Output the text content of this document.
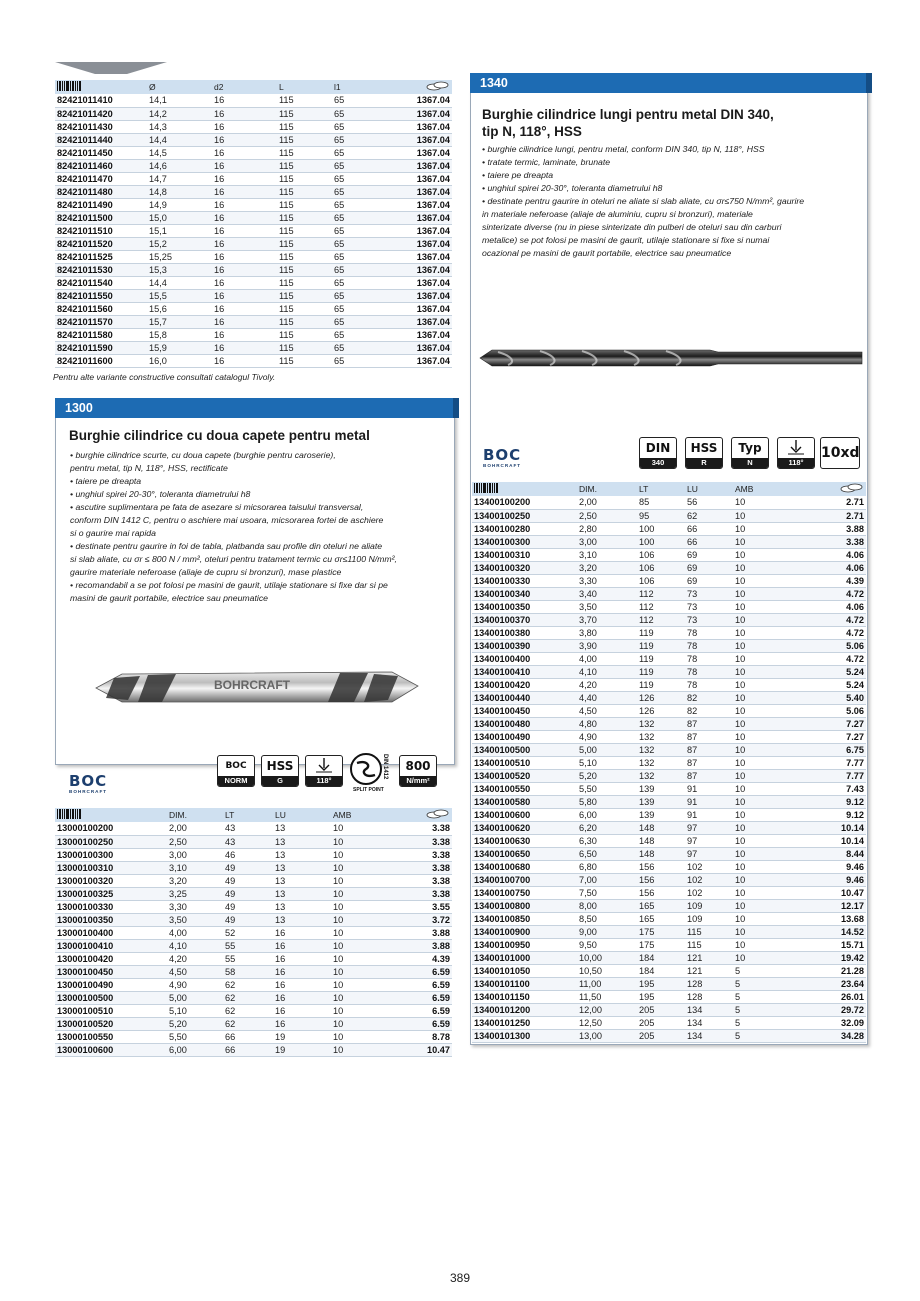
	Ø	d2	L	l1	
82421011410	14,1	16	115	65	1367.04
82421011420	14,2	16	115	65	1367.04
82421011430	14,3	16	115	65	1367.04
82421011440	14,4	16	115	65	1367.04
82421011450	14,5	16	115	65	1367.04
82421011460	14,6	16	115	65	1367.04
82421011470	14,7	16	115	65	1367.04
82421011480	14,8	16	115	65	1367.04
82421011490	14,9	16	115	65	1367.04
82421011500	15,0	16	115	65	1367.04
82421011510	15,1	16	115	65	1367.04
82421011520	15,2	16	115	65	1367.04
82421011525	15,25	16	115	65	1367.04
82421011530	15,3	16	115	65	1367.04
82421011540	14,4	16	115	65	1367.04
82421011550	15,5	16	115	65	1367.04
82421011560	15,6	16	115	65	1367.04
82421011570	15,7	16	115	65	1367.04
82421011580	15,8	16	115	65	1367.04
82421011590	15,9	16	115	65	1367.04
82421011600	16,0	16	115	65	1367.04
Pentru alte variante constructive consultati catalogul Tivoly.
1300
Burghie cilindrice cu doua capete pentru metal
• burghie cilindrice scurte, cu doua capete (burghie pentru caroserie),
pentru metal, tip N, 118°, HSS, rectificate
• taiere pe dreapta
• unghiul spirei 20-30°, toleranta diametrului h8
• ascutire suplimentara pe fata de asezare si micsorarea taisului transversal,
conform DIN 1412 C, pentru o aschiere mai usoara, micsorarea fortei de aschiere
si o gaurire mai rapida
• destinate pentru gaurire in foi de tabla, platbanda sau profile din oteluri ne aliate
si slab aliate, cu σr ≤ 800 N / mm², oteluri pentru tratament termic cu σr≤1100 N/mm²,
gaurire materiale neferoase (aliaje de cupru si bronzuri), mase plastice
• recomandabil a se pot folosi pe masini de gaurit, utilaje stationare si fixe dar si pe
masini de gaurit portabile, electrice sau pneumatice
BOHRCRAFT
BOC
BOHRCRAFT
BOC
NORM
HSS
G	118°
DIN 1412
SPLIT POINT
800
N/mm²
	DIM.	LT	LU	AMB	
13000100200	2,00	43	13	10	3.38
13000100250	2,50	43	13	10	3.38
13000100300	3,00	46	13	10	3.38
13000100310	3,10	49	13	10	3.38
13000100320	3,20	49	13	10	3.38
13000100325	3,25	49	13	10	3.38
13000100330	3,30	49	13	10	3.55
13000100350	3,50	49	13	10	3.72
13000100400	4,00	52	16	10	3.88
13000100410	4,10	55	16	10	3.88
13000100420	4,20	55	16	10	4.39
13000100450	4,50	58	16	10	6.59
13000100490	4,90	62	16	10	6.59
13000100500	5,00	62	16	10	6.59
13000100510	5,10	62	16	10	6.59
13000100520	5,20	62	16	10	6.59
13000100550	5,50	66	19	10	8.78
13000100600	6,00	66	19	10	10.47
1340
Burghie cilindrice lungi pentru metal DIN 340,
tip N, 118°, HSS
• burghie cilindrice lungi, pentru metal, conform DIN 340, tip N, 118°, HSS
• tratate termic, laminate, brunate
• taiere pe dreapta
• unghiul spirei 20-30°, toleranta diametrului h8
• destinate pentru gaurire in oteluri ne aliate si slab aliate, cu σr≤750 N/mm², gaurire
in materiale neferoase (aliaje de aluminiu, cupru si bronzuri), materiale
sinterizate diverse (nu in piese sinterizate din pulberi de oteluri sau din carburi
metalice) se pot folosi pe masini de gaurit, utilaje stationare si fixe si numai
ocazional pe masini de gaurit portabile, electrice sau pneumatice
BOC
BOHRCRAFT
DIN
340
HSS
R
Typ
N	118°
10xd
	DIM.	LT	LU	AMB	
13400100200	2,00	85	56	10	2.71
13400100250	2,50	95	62	10	2.71
13400100280	2,80	100	66	10	3.88
13400100300	3,00	100	66	10	3.38
13400100310	3,10	106	69	10	4.06
13400100320	3,20	106	69	10	4.06
13400100330	3,30	106	69	10	4.39
13400100340	3,40	112	73	10	4.72
13400100350	3,50	112	73	10	4.06
13400100370	3,70	112	73	10	4.72
13400100380	3,80	119	78	10	4.72
13400100390	3,90	119	78	10	5.06
13400100400	4,00	119	78	10	4.72
13400100410	4,10	119	78	10	5.24
13400100420	4,20	119	78	10	5.24
13400100440	4,40	126	82	10	5.40
13400100450	4,50	126	82	10	5.06
13400100480	4,80	132	87	10	7.27
13400100490	4,90	132	87	10	7.27
13400100500	5,00	132	87	10	6.75
13400100510	5,10	132	87	10	7.77
13400100520	5,20	132	87	10	7.77
13400100550	5,50	139	91	10	7.43
13400100580	5,80	139	91	10	9.12
13400100600	6,00	139	91	10	9.12
13400100620	6,20	148	97	10	10.14
13400100630	6,30	148	97	10	10.14
13400100650	6,50	148	97	10	8.44
13400100680	6,80	156	102	10	9.46
13400100700	7,00	156	102	10	9.46
13400100750	7,50	156	102	10	10.47
13400100800	8,00	165	109	10	12.17
13400100850	8,50	165	109	10	13.68
13400100900	9,00	175	115	10	14.52
13400100950	9,50	175	115	10	15.71
13400101000	10,00	184	121	10	19.42
13400101050	10,50	184	121	5	21.28
13400101100	11,00	195	128	5	23.64
13400101150	11,50	195	128	5	26.01
13400101200	12,00	205	134	5	29.72
13400101250	12,50	205	134	5	32.09
13400101300	13,00	205	134	5	34.28
389
